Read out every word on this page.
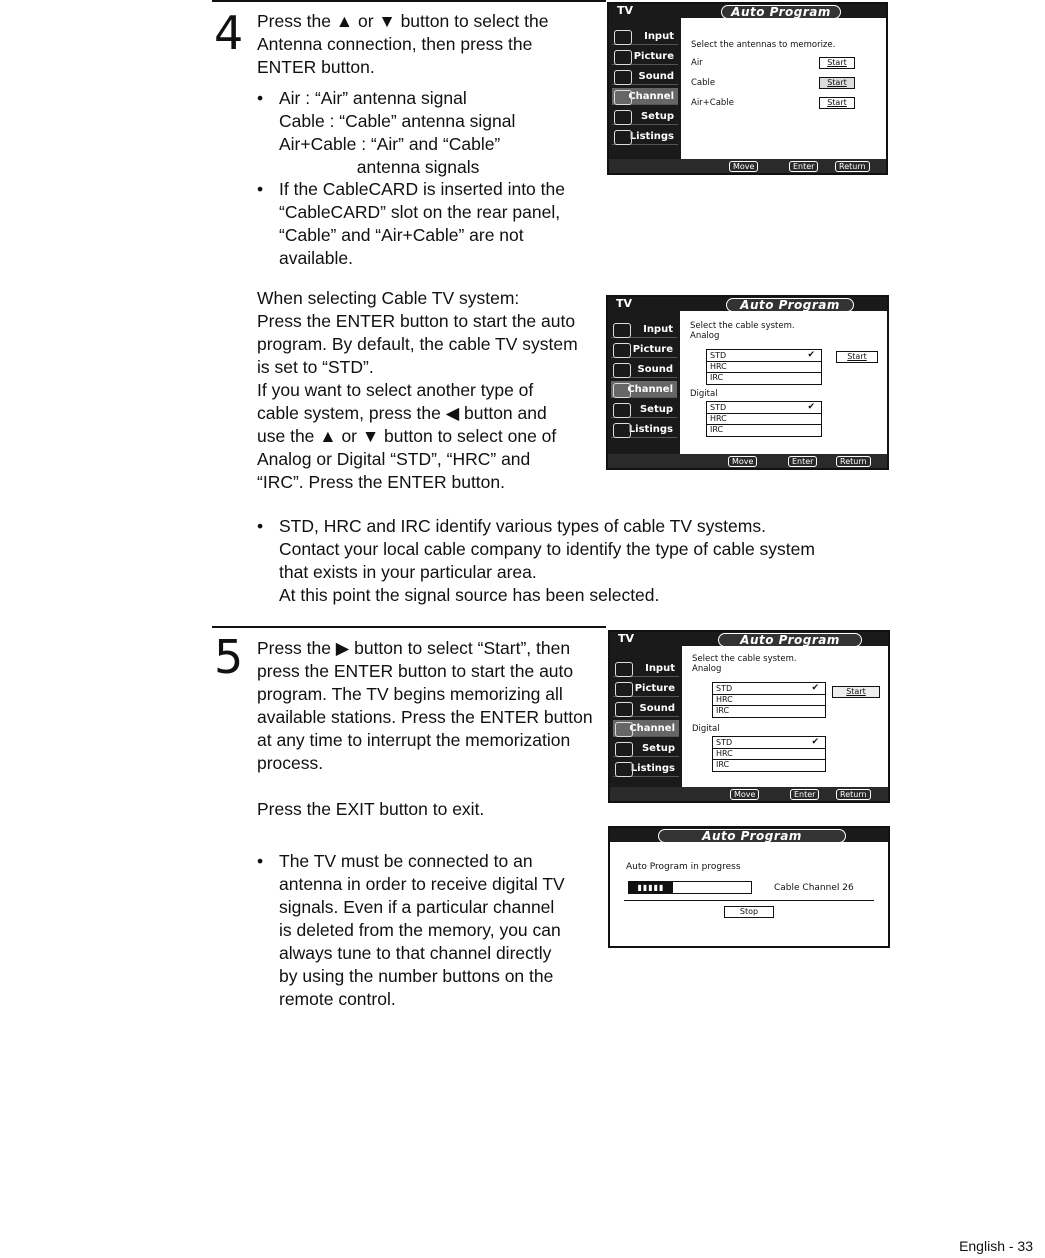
4 Press the ▲ or ▼ button to select the
Antenna connection, then press the
ENTER button.
• Air : “Air” antenna signal
Cable : “Cable” antenna signal
Air+Cable : “Air” and “Cable”
antenna signals
• If the CableCARD is inserted into the
“CableCARD” slot on the rear panel,
“Cable” and “Air+Cable” are not
available.
When selecting Cable TV system:
Press the ENTER button to start the auto
program. By default, the cable TV system
is set to “STD”.
If you want to select another type of
cable system, press the ◀ button and
use the ▲ or ▼ button to select one of
Analog or Digital “STD”, “HRC” and
“IRC”. Press the ENTER button.
• STD, HRC and IRC identify various types of cable TV systems.
Contact your local cable company to identify the type of cable system
that exists in your particular area.
At this point the signal source has been selected.
TV	Auto Program
Input
Picture
Sound
Channel
Setup
Listings
Select the antennas to memorize.
Air	Start
Cable	Start
Air+Cable	Start
Move	Enter	Return
TV	Auto Program
Input
Picture
Sound
Channel
Setup
Listings
Select the cable system.
Analog
STD	✔
HRC
IRC
Start
Digital
STD	✔
HRC
IRC
Move	Enter	Return
5 Press the ▶ button to select “Start”, then
press the ENTER button to start the auto
program. The TV begins memorizing all
available stations. Press the ENTER button
at any time to interrupt the memorization
process.
Press the EXIT button to exit.
• The TV must be connected to an
antenna in order to receive digital TV
signals. Even if a particular channel
is deleted from the memory, you can
always tune to that channel directly
by using the number buttons on the
remote control.
TV	Auto Program
Input
Picture
Sound
Channel
Setup
Listings
Select the cable system.
Analog
STD	✔
HRC
IRC
Start
Digital
STD	✔
HRC
IRC
Move	Enter	Return
Auto Program
Auto Program in progress
▮▮▮▮▮	Cable Channel 26
Stop
English - 33
